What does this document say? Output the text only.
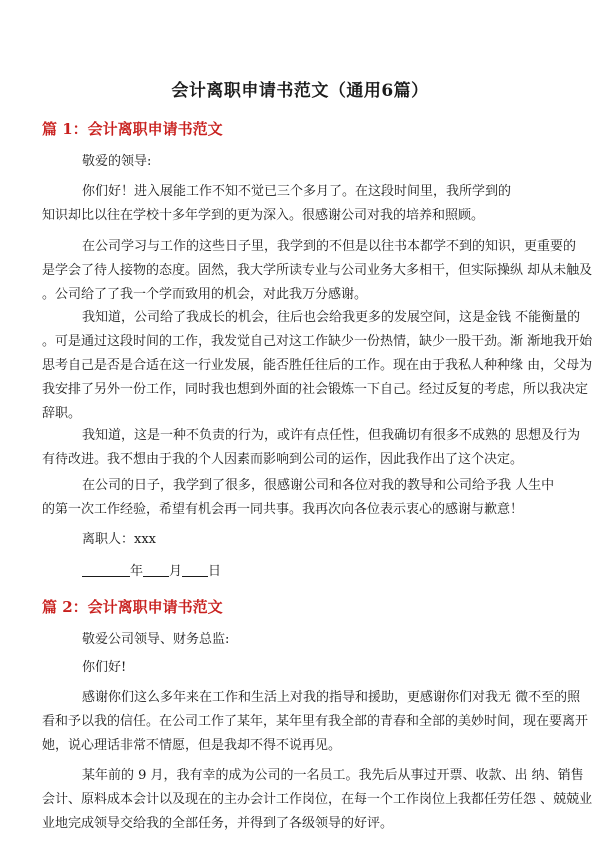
会计离职申请书范文（通用6篇）
篇 1：会计离职申请书范文
敬爱的领导:
你们好！进入展能工作不知不觉已三个多月了。在这段时间里，我所学到的
知识却比以往在学校十多年学到的更为深入。很感谢公司对我的培养和照顾。
在公司学习与工作的这些日子里，我学到的不但是以往书本都学不到的知识，更重要的
是学会了待人接物的态度。固然，我大学所读专业与公司业务大多相干，但实际操纵 却从未触及
。公司给了了我一个学而致用的机会，对此我万分感谢。
我知道，公司给了我成长的机会，往后也会给我更多的发展空间，这是金钱 不能衡量的
。可是通过这段时间的工作，我发觉自己对这工作缺少一份热情，缺少一股干劲。渐 渐地我开始
思考自己是否是合适在这一行业发展，能否胜任往后的工作。现在由于我私人种种缘 由，父母为
我安排了另外一份工作，同时我也想到外面的社会锻炼一下自己。经过反复的考虑，所以我决定
辞职。
我知道，这是一种不负责的行为，或许有点任性，但我确切有很多不成熟的 思想及行为
有待改进。我不想由于我的个人因素而影响到公司的运作，因此我作出了这个决定。
在公司的日子，我学到了很多，很感谢公司和各位对我的教导和公司给予我 人生中
的第一次工作经验，希望有机会再一同共事。我再次向各位表示衷心的感谢与歉意！
离职人：xxx
年 月 日
篇 2：会计离职申请书范文
敬爱公司领导、财务总监:
你们好!
感谢你们这么多年来在工作和生活上对我的指导和援助，更感谢你们对我无 微不至的照
看和予以我的信任。在公司工作了某年，某年里有我全部的青春和全部的美妙时间，现在要离开
她，说心理话非常不情愿，但是我却不得不说再见。
某年前的 9 月，我有幸的成为公司的一名员工。我先后从事过开票、收款、出 纳、销售
会计、原料成本会计以及现在的主办会计工作岗位，在每一个工作岗位上我都任劳任怨 、兢兢业
业地完成领导交给我的全部任务，并得到了各级领导的好评。
